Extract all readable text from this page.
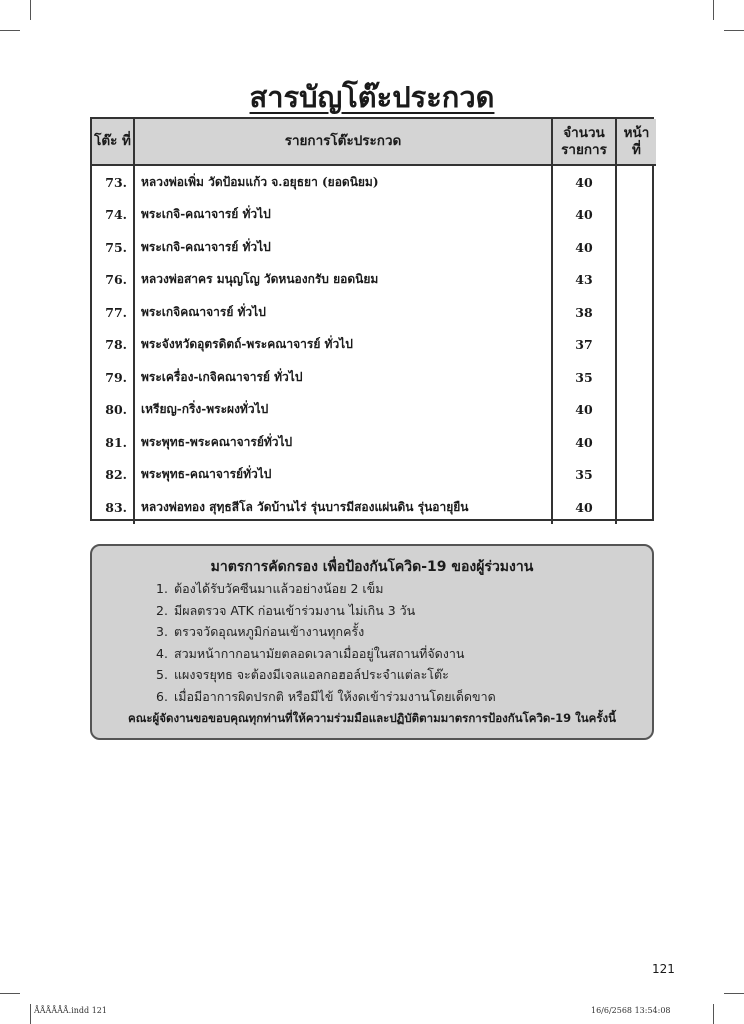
สารบัญโต๊ะประกวด
โต๊ะ ที่	รายการโต๊ะประกวด	จำนวน รายการ	หน้า ที่
73.	หลวงพ่อเพิ่ม วัดป้อมแก้ว จ.อยุธยา (ยอดนิยม)	40	
74.	พระเกจิ-คณาจารย์ ทั่วไป	40	
75.	พระเกจิ-คณาจารย์ ทั่วไป	40	
76.	หลวงพ่อสาคร มนุญโญ วัดหนองกรับ ยอดนิยม	43	
77.	พระเกจิคณาจารย์ ทั่วไป	38	
78.	พระจังหวัดอุตรดิตถ์-พระคณาจารย์ ทั่วไป	37	
79.	พระเครื่อง-เกจิคณาจารย์ ทั่วไป	35	
80.	เหรียญ-กริ่ง-พระผงทั่วไป	40	
81.	พระพุทธ-พระคณาจารย์ทั่วไป	40	
82.	พระพุทธ-คณาจารย์ทั่วไป	35	
83.	หลวงพ่อทอง สุทฺธสีโล วัดบ้านไร่ รุ่นบารมีสองแผ่นดิน รุ่นอายุยืน	40	
มาตรการคัดกรอง เพื่อป้องกันโควิด-19 ของผู้ร่วมงาน
1. ต้องได้รับวัคซีนมาแล้วอย่างน้อย 2 เข็ม
2. มีผลตรวจ ATK ก่อนเข้าร่วมงาน ไม่เกิน 3 วัน
3. ตรวจวัดอุณหภูมิก่อนเข้างานทุกครั้ง
4. สวมหน้ากากอนามัยตลอดเวลาเมื่ออยู่ในสถานที่จัดงาน
5. แผงจรยุทธ จะต้องมีเจลแอลกอฮอล์ประจำแต่ละโต๊ะ
6. เมื่อมีอาการผิดปรกติ หรือมีไข้ ให้งดเข้าร่วมงานโดยเด็ดขาด
คณะผู้จัดงานขอขอบคุณทุกท่านที่ให้ความร่วมมือและปฏิบัติตามมาตรการป้องกันโควิด-19 ในครั้งนี้
121
ÅÅÅÅÅÅ.indd 121	16/6/2568 13:54:08
